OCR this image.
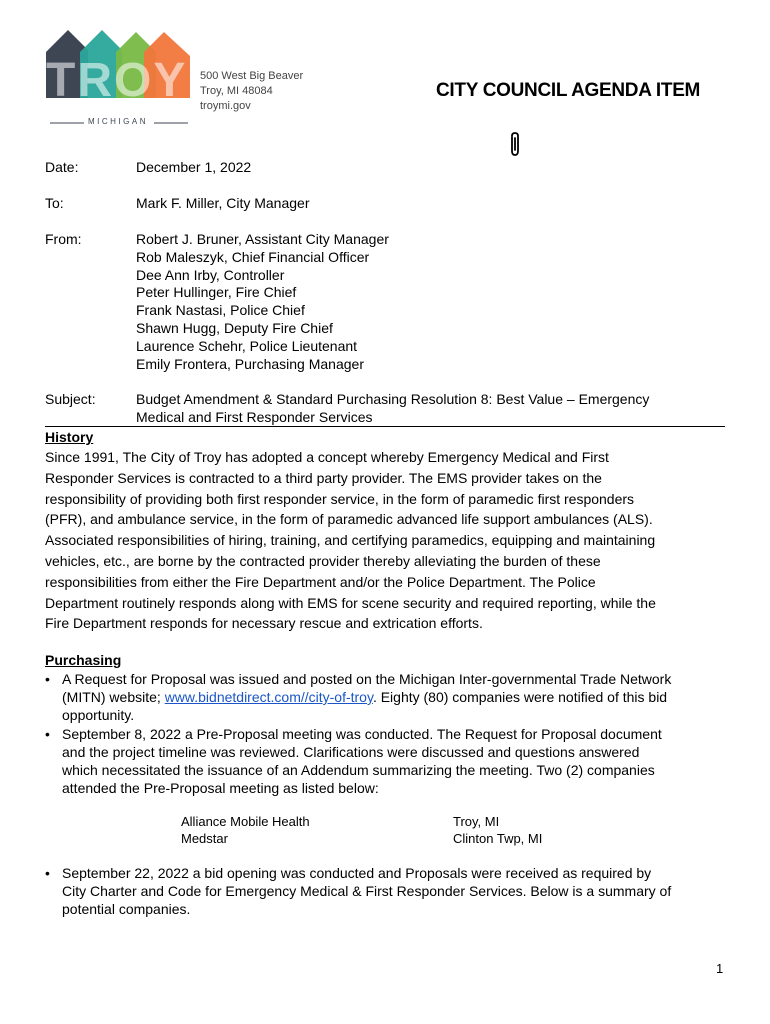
TROY
MICHIGAN
500 West Big Beaver
Troy, MI 48084
troymi.gov
CITY COUNCIL AGENDA ITEM
Date:	December 1, 2022
To:	Mark F. Miller, City Manager
From:	Robert J. Bruner, Assistant City Manager
Rob Maleszyk, Chief Financial Officer
Dee Ann Irby, Controller
Peter Hullinger, Fire Chief
Frank Nastasi, Police Chief
Shawn Hugg, Deputy Fire Chief
Laurence Schehr, Police Lieutenant
Emily Frontera, Purchasing Manager
Subject:	Budget Amendment & Standard Purchasing Resolution 8: Best Value – Emergency
Medical and First Responder Services
History
Since 1991, The City of Troy has adopted a concept whereby Emergency Medical and First
Responder Services is contracted to a third party provider. The EMS provider takes on the
responsibility of providing both first responder service, in the form of paramedic first responders
(PFR), and ambulance service, in the form of paramedic advanced life support ambulances (ALS).
Associated responsibilities of hiring, training, and certifying paramedics, equipping and maintaining
vehicles, etc., are borne by the contracted provider thereby alleviating the burden of these
responsibilities from either the Fire Department and/or the Police Department. The Police
Department routinely responds along with EMS for scene security and required reporting, while the
Fire Department responds for necessary rescue and extrication efforts.
Purchasing
• A Request for Proposal was issued and posted on the Michigan Inter-governmental Trade Network
(MITN) website; www.bidnetdirect.com//city-of-troy. Eighty (80) companies were notified of this bid
opportunity.
• September 8, 2022 a Pre-Proposal meeting was conducted. The Request for Proposal document
and the project timeline was reviewed. Clarifications were discussed and questions answered
which necessitated the issuance of an Addendum summarizing the meeting. Two (2) companies
attended the Pre-Proposal meeting as listed below:
Alliance Mobile Health	Troy, MI
Medstar	Clinton Twp, MI
• September 22, 2022 a bid opening was conducted and Proposals were received as required by
City Charter and Code for Emergency Medical & First Responder Services. Below is a summary of
potential companies.
1
